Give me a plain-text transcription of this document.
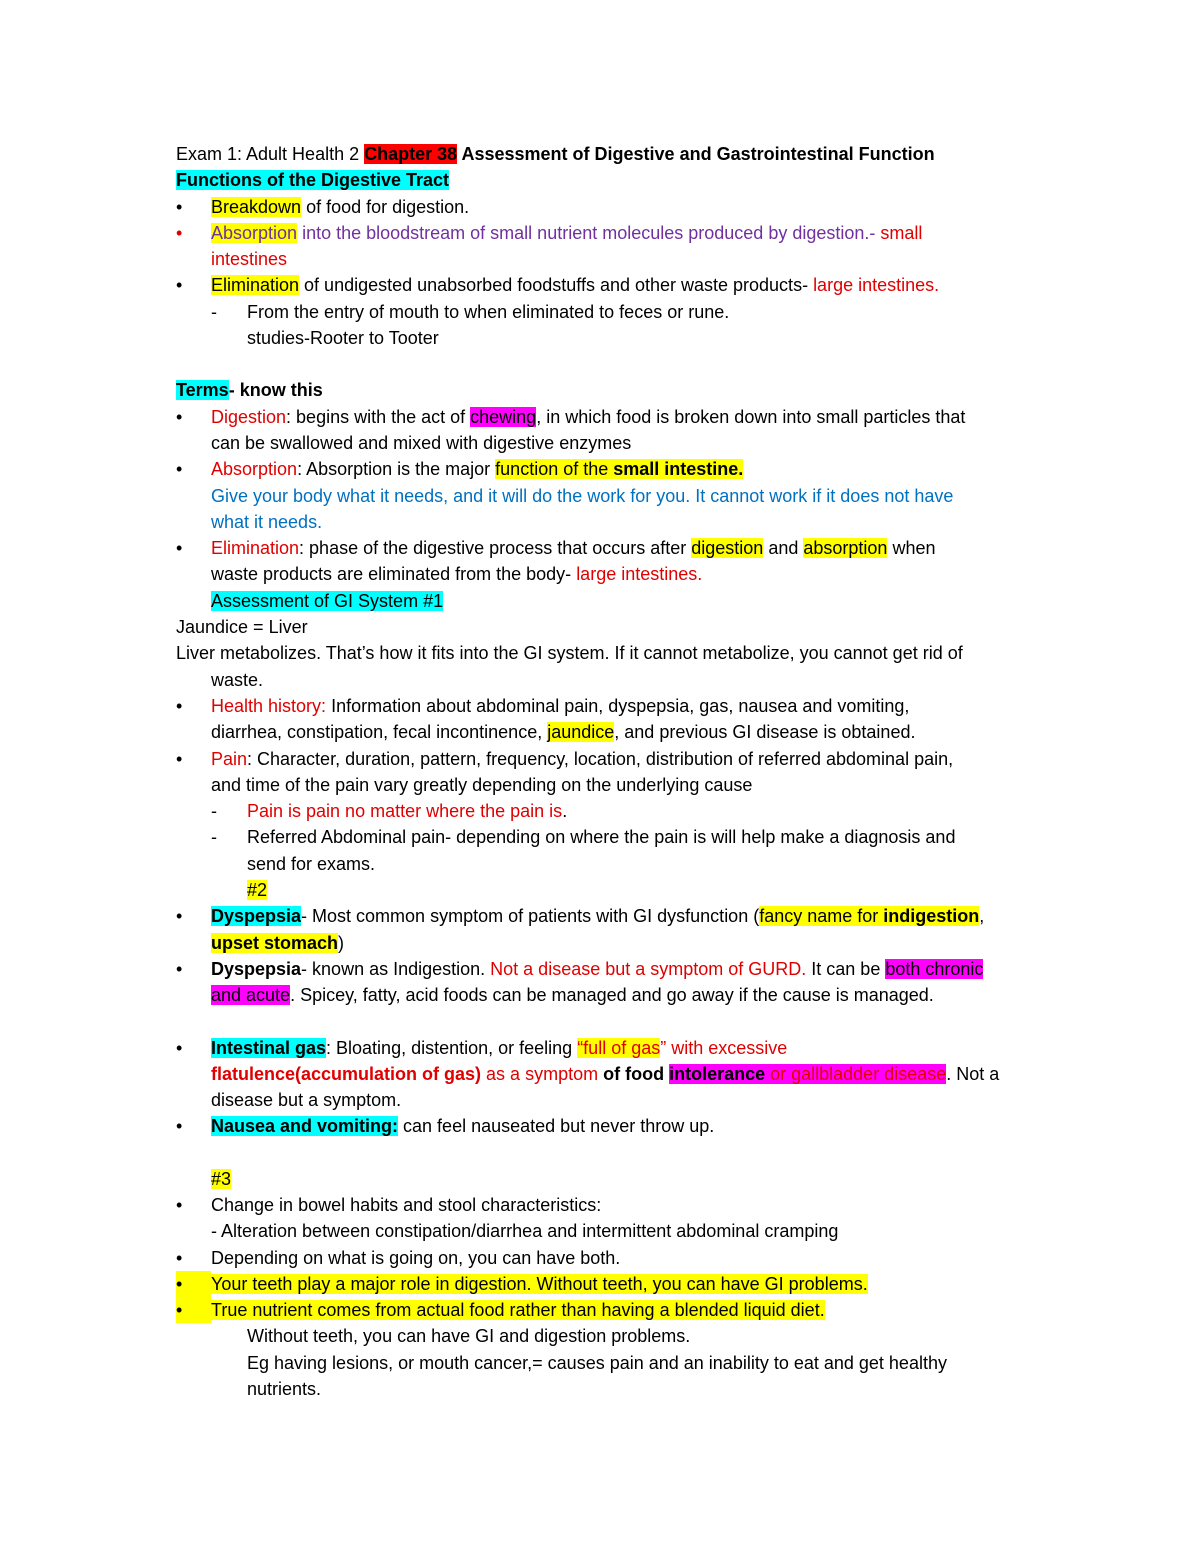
Exam 1: Adult Health 2 Chapter 38 Assessment of Digestive and Gastrointestinal Function
Functions of the Digestive Tract
•	Breakdown of food for digestion.
•	Absorption into the bloodstream of small nutrient molecules produced by digestion.- small
intestines
•	Elimination of undigested unabsorbed foodstuffs and other waste products- large intestines.
- From the entry of mouth to when eliminated to feces or rune.
studies-Rooter to Tooter
Terms- know this
•	Digestion: begins with the act of chewing, in which food is broken down into small particles that
can be swallowed and mixed with digestive enzymes
•	Absorption: Absorption is the major function of the small intestine.
Give your body what it needs, and it will do the work for you. It cannot work if it does not have
what it needs.
•	Elimination: phase of the digestive process that occurs after digestion and absorption when
waste products are eliminated from the body- large intestines.
Assessment of GI System #1
Jaundice = Liver
Liver metabolizes. That’s how it fits into the GI system. If it cannot metabolize, you cannot get rid of
waste.
•	Health history: Information about abdominal pain, dyspepsia, gas, nausea and vomiting,
diarrhea, constipation, fecal incontinence, jaundice, and previous GI disease is obtained.
•	Pain: Character, duration, pattern, frequency, location, distribution of referred abdominal pain,
and time of the pain vary greatly depending on the underlying cause
- Pain is pain no matter where the pain is.
- Referred Abdominal pain- depending on where the pain is will help make a diagnosis and
send for exams.
#2
•	Dyspepsia- Most common symptom of patients with GI dysfunction (fancy name for indigestion,
upset stomach)
•	Dyspepsia- known as Indigestion. Not a disease but a symptom of GURD. It can be both chronic
and acute. Spicey, fatty, acid foods can be managed and go away if the cause is managed.
•	Intestinal gas: Bloating, distention, or feeling “full of gas” with excessive
flatulence(accumulation of gas) as a symptom of food intolerance or gallbladder disease. Not a
disease but a symptom.
•	Nausea and vomiting: can feel nauseated but never throw up.
#3
•	Change in bowel habits and stool characteristics:
- Alteration between constipation/diarrhea and intermittent abdominal cramping
•	Depending on what is going on, you can have both.
•	Your teeth play a major role in digestion. Without teeth, you can have GI problems.
•	True nutrient comes from actual food rather than having a blended liquid diet.
Without teeth, you can have GI and digestion problems.
Eg having lesions, or mouth cancer,= causes pain and an inability to eat and get healthy
nutrients.
